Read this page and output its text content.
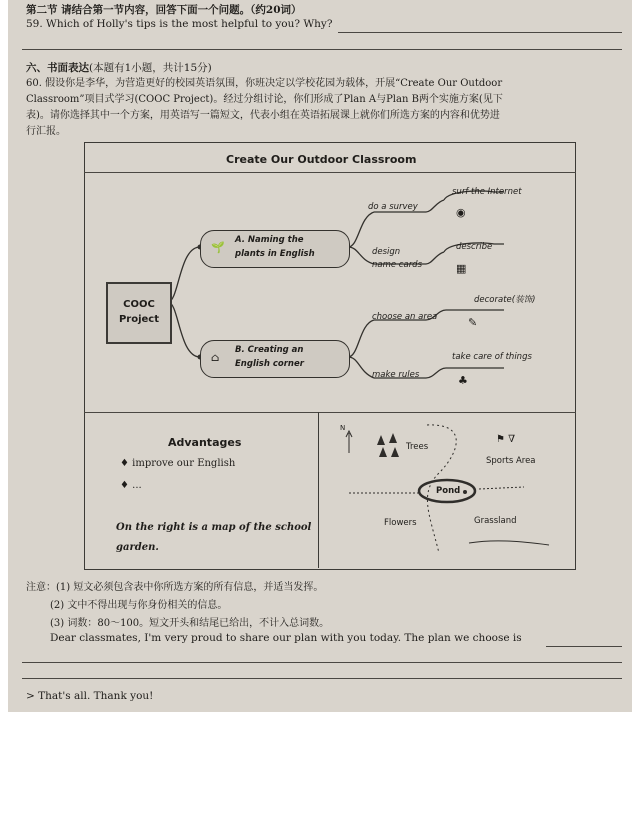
第二节 请结合第一节内容，回答下面一个问题。（约20词）
59. Which of Holly's tips is the most helpful to you? Why?
六、书面表达(本题有1小题，共计15分)
60. 假设你是李华，为营造更好的校园英语氛围，你班决定以学校花园为载体，开展“Create Our Outdoor
Classroom”项目式学习(COOC Project)。经过分组讨论，你们形成了Plan A与Plan B两个实施方案(见下
表)。请你选择其中一个方案，用英语写一篇短文，代表小组在英语拓展课上就你们所选方案的内容和优势进
行汇报。
Create Our Outdoor Classroom
COOC
Project
🌱
A. Naming the
plants in English
⌂
B. Creating an
English corner
do a survey
surf the Internet
◉
design
name cards
describe
▦
choose an area
decorate(装饰)
✎
make rules
take care of things
♣
Advantages
♦ improve our English
♦ ...
On the right is a map of the school
garden.
N
Trees
Sports Area
⚑ ∇
Pond
Flowers	Grassland
注意：(1) 短文必须包含表中你所选方案的所有信息，并适当发挥。
(2) 文中不得出现与你身份相关的信息。
(3) 词数：80～100。短文开头和结尾已给出，不计入总词数。
Dear classmates, I'm very proud to share our plan with you today. The plan we choose is
> That's all. Thank you!
